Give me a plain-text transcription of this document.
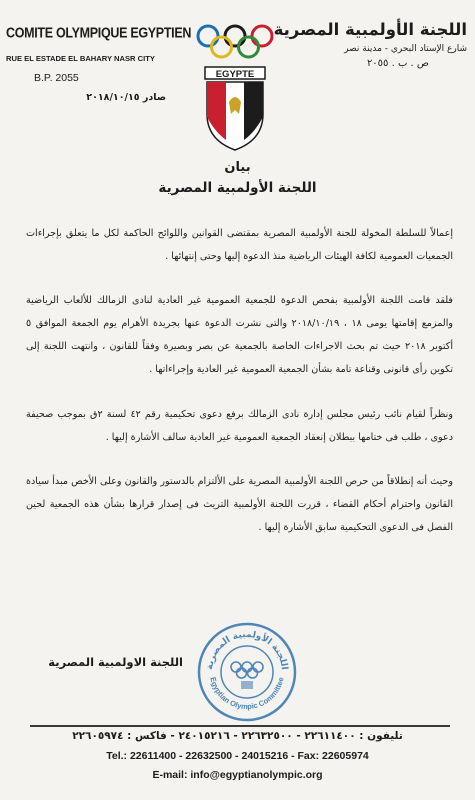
COMITE OLYMPIQUE EGYPTIEN
RUE EL ESTADE EL BAHARY NASR CITY
B.P. 2055
صادر ٢٠١٨/١٠/١٥
EGYPTE
اللجنة الأولمبية المصرية
شارع الإستاد البحري - مدينة نصر
ص . ب . ٢٠٥٥
بيان
اللجنة الأولمبية المصرية

إعمالاً للسلطة المخولة للجنة الأولمبية المصرية بمقتضى القوانين واللوائح الحاكمة لكل ما يتعلق بإجراءات الجمعيات العمومية لكافة الهيئات الرياضية منذ الدعوة إليها وحتى إنتهائها .

فلقد قامت اللجنة الأولمبية بفحص الدعوة للجمعية العمومية غير العادية لنادى الزمالك للألعاب الرياضية والمزمع إقامتها يومى ١٨ ، ٢٠١٨/١٠/١٩ والتى نشرت الدعوة عنها بجريدة الأهرام يوم الجمعة الموافق ٥ أكتوبر ٢٠١٨ حيث تم بحث الاجراءات الخاصة بالجمعية عن بصر وبصيرة وفقاً للقانون ، وانتهت اللجنة إلى تكوين رأى قانونى وقناعة تامة بشأن الجمعية العمومية غير العادية وإجراءاتها .

ونظراً لقيام نائب رئيس مجلس إدارة نادى الزمالك برفع دعوى تحكيمية رقم ٤٢ لسنة ٢ق بموجب صحيفة دعوى ، طلب فى ختامها ببطلان إنعقاد الجمعية العمومية غير العادية سالف الأشارة إليها .

وحيث أنه إنطلاقاً من حرص اللجنة الأولمبية المصرية على الألتزام بالدستور والقانون وعلى الأخص مبدأ سيادة القانون واحترام أحكام القضاء ، قررت اللجنة الأولمبية التريث فى إصدار قرارها بشأن هذه الجمعية لحين الفصل فى الدعوى التحكيمية سابق الأشارة إليها .

اللجنة الاولمبية المصرية اللجنة الأولمبية المصرية
Egyptian Olympic Committee
تليفون : ٢٢٦١١٤٠٠ - ٢٢٦٣٢٥٠٠ - ٢٤٠١٥٢١٦ - فاكس : ٢٢٦٠٥٩٧٤
Tel.: 22611400 - 22632500 - 24015216 - Fax: 22605974
E-mail: info@egyptianolympic.org
